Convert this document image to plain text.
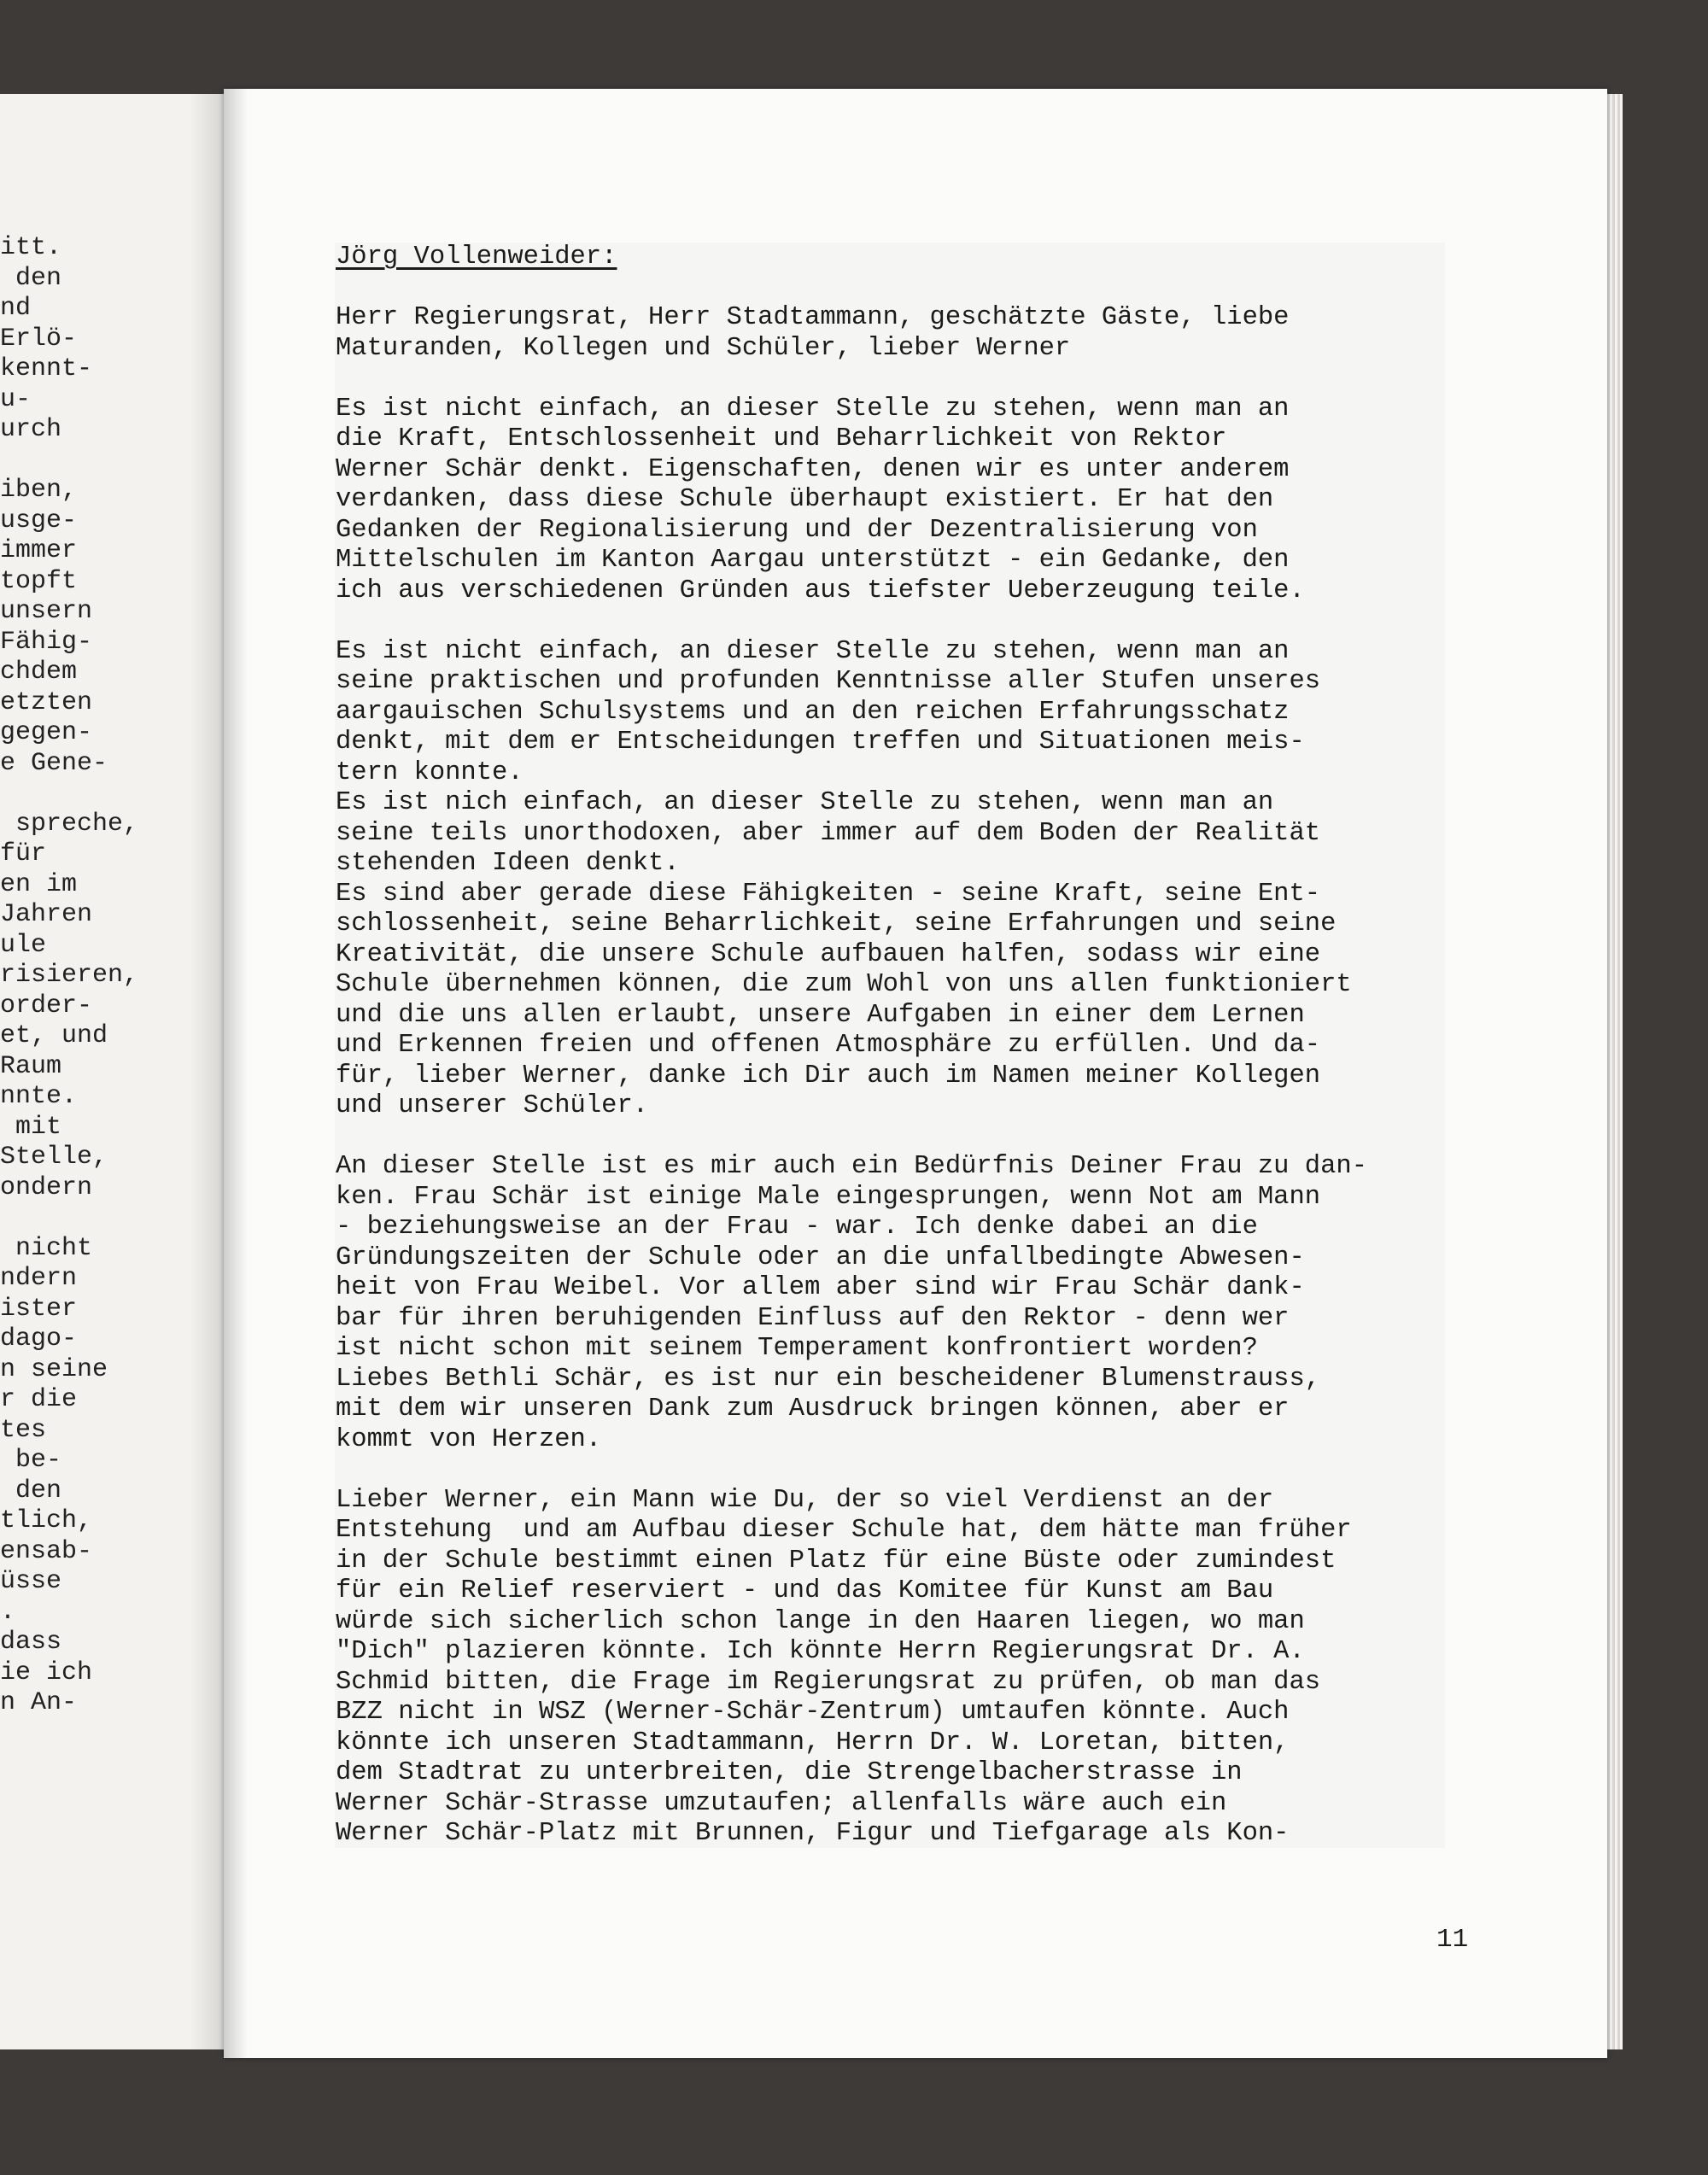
itt.
den
nd
Erlö-
kennt-
u-
urch
iben,
usge-
immer
topft
unsern
Fähig-
chdem
etzten
gegen-
e Gene-
spreche,
für
en im
Jahren
ule
risieren,
order-
et, und
Raum
nnte.
mit
Stelle,
ondern
nicht
ndern
ister
dago-
n seine
r die
tes
be-
den
tlich,
ensab-
üsse
.
dass
ie ich
n An-
Jörg Vollenweider:
Herr Regierungsrat, Herr Stadtammann, geschätzte Gäste, liebe
Maturanden, Kollegen und Schüler, lieber Werner
Es ist nicht einfach, an dieser Stelle zu stehen, wenn man an
die Kraft, Entschlossenheit und Beharrlichkeit von Rektor
Werner Schär denkt. Eigenschaften, denen wir es unter anderem
verdanken, dass diese Schule überhaupt existiert. Er hat den
Gedanken der Regionalisierung und der Dezentralisierung von
Mittelschulen im Kanton Aargau unterstützt - ein Gedanke, den
ich aus verschiedenen Gründen aus tiefster Ueberzeugung teile.
Es ist nicht einfach, an dieser Stelle zu stehen, wenn man an
seine praktischen und profunden Kenntnisse aller Stufen unseres
aargauischen Schulsystems und an den reichen Erfahrungsschatz
denkt, mit dem er Entscheidungen treffen und Situationen meis-
tern konnte.
Es ist nich einfach, an dieser Stelle zu stehen, wenn man an
seine teils unorthodoxen, aber immer auf dem Boden der Realität
stehenden Ideen denkt.
Es sind aber gerade diese Fähigkeiten - seine Kraft, seine Ent-
schlossenheit, seine Beharrlichkeit, seine Erfahrungen und seine
Kreativität, die unsere Schule aufbauen halfen, sodass wir eine
Schule übernehmen können, die zum Wohl von uns allen funktioniert
und die uns allen erlaubt, unsere Aufgaben in einer dem Lernen
und Erkennen freien und offenen Atmosphäre zu erfüllen. Und da-
für, lieber Werner, danke ich Dir auch im Namen meiner Kollegen
und unserer Schüler.
An dieser Stelle ist es mir auch ein Bedürfnis Deiner Frau zu dan-
ken. Frau Schär ist einige Male eingesprungen, wenn Not am Mann
- beziehungsweise an der Frau - war. Ich denke dabei an die
Gründungszeiten der Schule oder an die unfallbedingte Abwesen-
heit von Frau Weibel. Vor allem aber sind wir Frau Schär dank-
bar für ihren beruhigenden Einfluss auf den Rektor - denn wer
ist nicht schon mit seinem Temperament konfrontiert worden?
Liebes Bethli Schär, es ist nur ein bescheidener Blumenstrauss,
mit dem wir unseren Dank zum Ausdruck bringen können, aber er
kommt von Herzen.
Lieber Werner, ein Mann wie Du, der so viel Verdienst an der
Entstehung  und am Aufbau dieser Schule hat, dem hätte man früher
in der Schule bestimmt einen Platz für eine Büste oder zumindest
für ein Relief reserviert - und das Komitee für Kunst am Bau
würde sich sicherlich schon lange in den Haaren liegen, wo man
"Dich" plazieren könnte. Ich könnte Herrn Regierungsrat Dr. A.
Schmid bitten, die Frage im Regierungsrat zu prüfen, ob man das
BZZ nicht in WSZ (Werner-Schär-Zentrum) umtaufen könnte. Auch
könnte ich unseren Stadtammann, Herrn Dr. W. Loretan, bitten,
dem Stadtrat zu unterbreiten, die Strengelbacherstrasse in
Werner Schär-Strasse umzutaufen; allenfalls wäre auch ein
Werner Schär-Platz mit Brunnen, Figur und Tiefgarage als Kon-
11
